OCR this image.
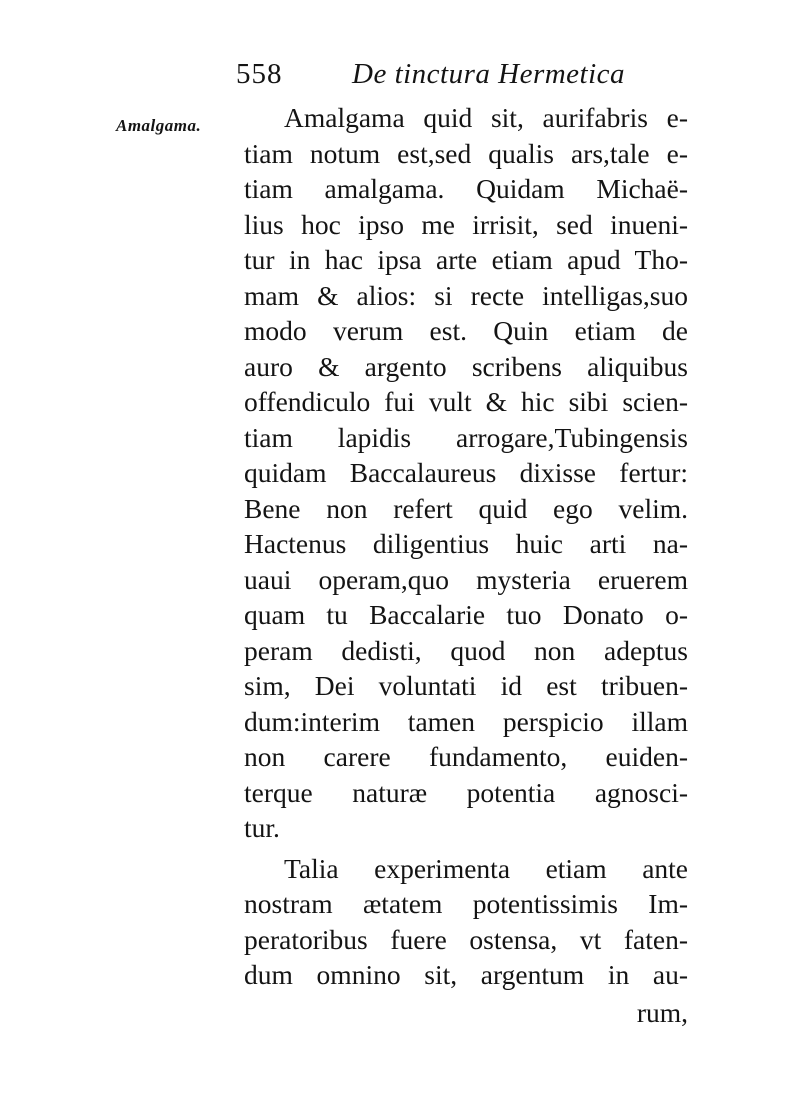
558 De tinctura Hermetica
Amalgama.	Amalgama quid sit, aurifabris e-
tiam notum est,sed qualis ars,tale e-
tiam amalgama. Quidam Michaë-
lius hoc ipso me irrisit, sed inueni-
tur in hac ipsa arte etiam apud Tho-
mam & alios: si recte intelligas,suo
modo verum est. Quin etiam de
auro & argento scribens aliquibus
offendiculo fui vult & hic sibi scien-
tiam lapidis arrogare,Tubingensis
quidam Baccalaureus dixisse fertur:
Bene non refert quid ego velim.
Hactenus diligentius huic arti na-
uaui operam,quo mysteria eruerem
quam tu Baccalarie tuo Donato o-
peram dedisti, quod non adeptus
sim, Dei voluntati id est tribuen-
dum:interim tamen perspicio illam
non carere fundamento, euiden-
terque naturæ potentia agnosci-
tur.
Talia experimenta etiam ante
nostram ætatem potentissimis Im-
peratoribus fuere ostensa, vt faten-
dum omnino sit, argentum in au-
rum,
